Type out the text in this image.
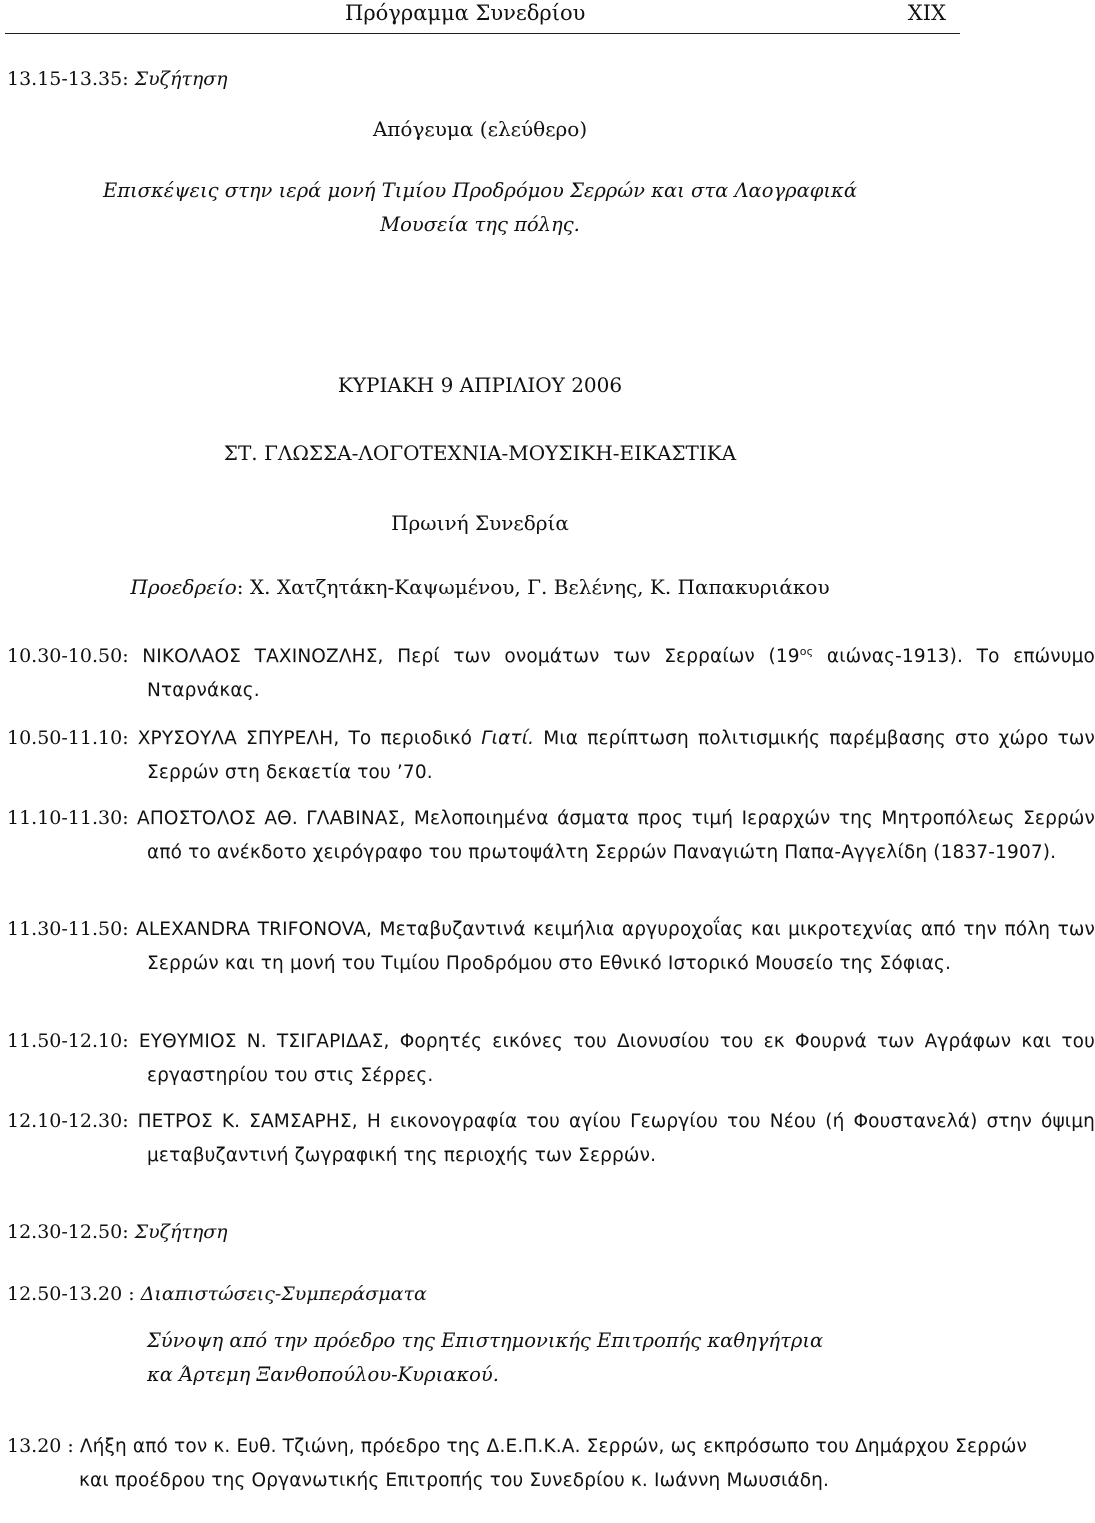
Πρόγραμμα Συνεδρίου	XIX
13.15-13.35: Συζήτηση
Απόγευμα (ελεύθερο)
Επισκέψεις στην ιερά μονή Τιμίου Προδρόμου Σερρών και στα Λαογραφικά
Μουσεία της πόλης.
ΚΥΡΙΑΚΗ 9 ΑΠΡΙΛΙΟΥ 2006
ΣΤ. ΓΛΩΣΣΑ-ΛΟΓΟΤΕΧΝΙΑ-ΜΟΥΣΙΚΗ-ΕΙΚΑΣΤΙΚΑ
Πρωινή Συνεδρία
Προεδρείο: Χ. Χατζητάκη-Καψωμένου, Γ. Βελένης, Κ. Παπακυριάκου

10.30-10.50: ΝΙΚΟΛΑΟΣ ΤΑΧΙΝΟΖΛΗΣ, Περί των ονομάτων των Σερραίων ($19^{o\varsigma}$ αιώνας-1913). Το επώνυμο Νταρνάκας.

10.50-11.10: ΧΡΥΣΟΥΛΑ ΣΠΥΡΕΛΗ, Το περιοδικό Γιατί. Μια περίπτωση πολιτισμικής παρέμβασης στο χώρο των Σερρών στη δεκαετία του ’70.

11.10-11.30: ΑΠΟΣΤΟΛΟΣ ΑΘ. ΓΛΑΒΙΝΑΣ, Μελοποιημένα άσματα προς τιμή Ιεραρχών της Μητροπόλεως Σερρών από το ανέκδοτο χειρόγραφο του πρωτοψάλτη Σερρών Παναγιώτη Παπα-Αγγελίδη (1837-1907).

11.30-11.50: ALEXANDRA TRIFONOVA, Μεταβυζαντινά κειμήλια αργυροχοΐας και μικροτεχνίας από την πόλη των Σερρών και τη μονή του Τιμίου Προδρόμου στο Εθνικό Ιστορικό Μουσείο της Σόφιας.

11.50-12.10: ΕΥΘΥΜΙΟΣ Ν. ΤΣΙΓΑΡΙΔΑΣ, Φορητές εικόνες του Διονυσίου του εκ Φουρνά των Αγράφων και του εργαστηρίου του στις Σέρρες.

12.10-12.30: ΠΕΤΡΟΣ Κ. ΣΑΜΣΑΡΗΣ, Η εικονογραφία του αγίου Γεωργίου του Νέου (ή Φουστανελά) στην όψιμη μεταβυζαντινή ζωγραφική της περιοχής των Σερρών.

12.30-12.50: Συζήτηση
12.50-13.20 : Διαπιστώσεις-Συμπεράσματα
Σύνοψη από την πρόεδρο της Επιστημονικής Επιτροπής καθηγήτρια
κα Άρτεμη Ξανθοπούλου-Κυριακού.

13.20 : Λήξη από τον κ. Ευθ. Τζιώνη, πρόεδρο της Δ.Ε.Π.Κ.Α. Σερρών, ως εκπρόσωπο του Δημάρχου Σερρών και προέδρου της Οργανωτικής Επιτροπής του Συνεδρίου κ. Ιωάννη Μωυσιάδη.
